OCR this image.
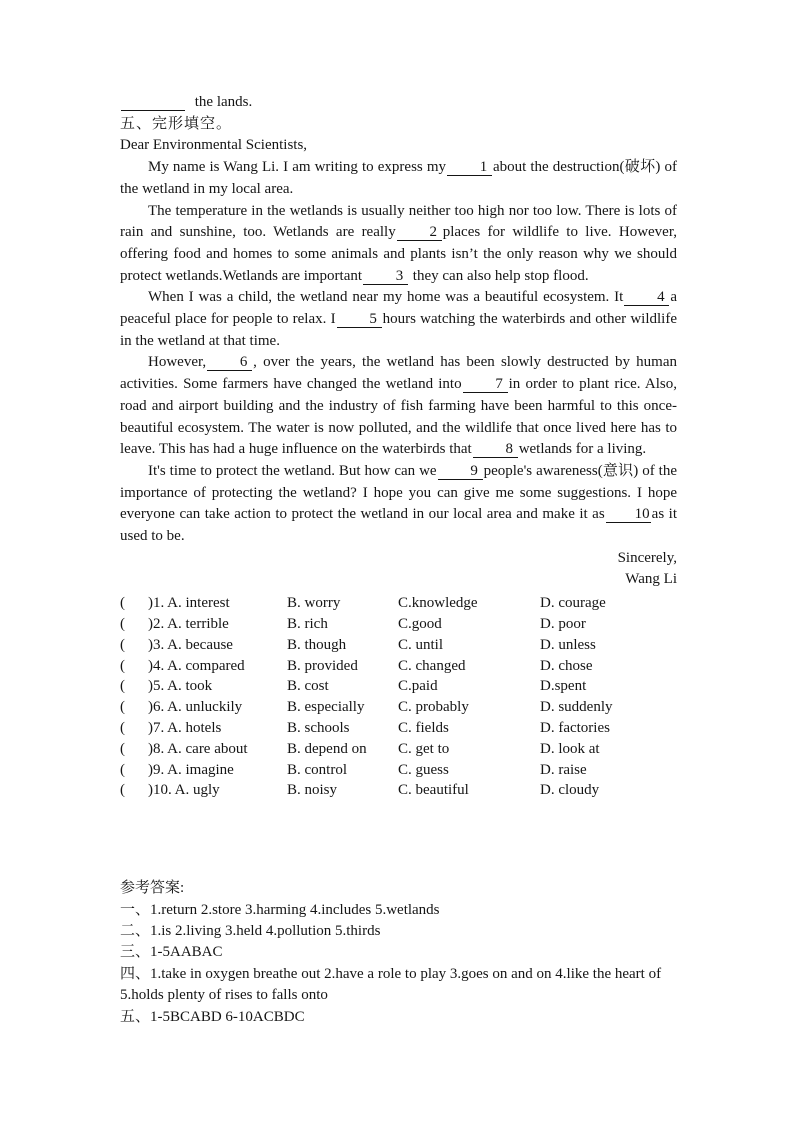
the lands.

五、完形填空。

Dear Environmental Scientists,

My name is Wang Li. I am writing to express my 1 about the destruction(破坏) of the wetland in my local area.

The temperature in the wetlands is usually neither too high nor too low. There is lots of rain and sunshine, too. Wetlands are really 2 places for wildlife to live. However, offering food and homes to some animals and plants isn’t the only reason why we should protect wetlands.Wetlands are important 3 they can also help stop flood.

When I was a child, the wetland near my home was a beautiful ecosystem. It 4 a peaceful place for people to relax. I 5 hours watching the waterbirds and other wildlife in the wetland at that time.

However, 6 , over the years, the wetland has been slowly destructed by human activities. Some farmers have changed the wetland into 7 in order to plant rice. Also, road and airport building and the industry of fish farming have been harmful to this once-beautiful ecosystem. The water is now polluted, and the wildlife that once lived here has to leave. This has had a huge influence on the waterbirds that 8 wetlands for a living.

It's time to protect the wetland. But how can we 9 people's awareness(意识) of the importance of protecting the wetland? I hope you can give me some suggestions. I hope everyone can take action to protect the wetland in our local area and make it as 10 as it used to be.

Sincerely,

Wang Li

(	)1. A. interest	B. worry	C.knowledge	D. courage
(	)2. A. terrible	B. rich	C.good	D. poor
(	)3. A. because	B. though	C. until	D. unless
(	)4. A. compared	B. provided	C. changed	D. chose
(	)5. A. took	B. cost	C.paid	D.spent
(	)6. A. unluckily	B. especially	C. probably	D. suddenly
(	)7. A. hotels	B. schools	C. fields	D. factories
(	)8. A. care about	B. depend on	C. get to	D. look at
(	)9. A. imagine	B. control	C. guess	D. raise
(	)10. A. ugly	B. noisy	C. beautiful	D. cloudy
参考答案:
一、1.return 2.store 3.harming 4.includes 5.wetlands
二、1.is 2.living 3.held 4.pollution 5.thirds
三、1-5AABAC
四、1.take in oxygen breathe out 2.have a role to play 3.goes on and on 4.like the heart of 5.holds plenty of rises to falls onto
五、1-5BCABD 6-10ACBDC
